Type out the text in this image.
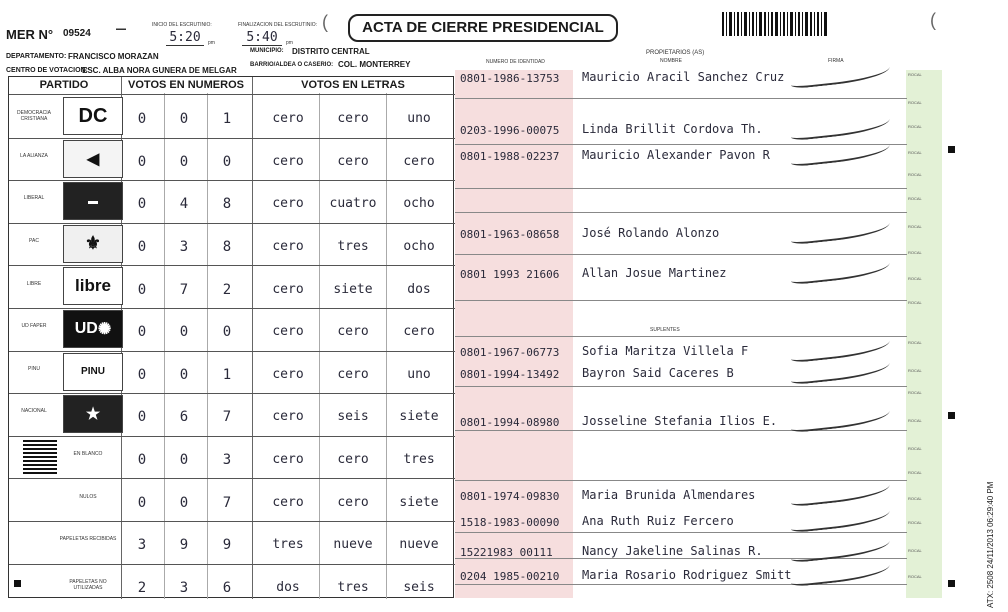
MER N° 09524	▬▬
INICIO DEL ESCRUTINIO:
5:20	pm
FINALIZACION DEL ESCRUTINIO:
5:40	pm
(	ACTA DE CIERRE PRESIDENCIAL	(
DEPARTAMENTO: FRANCISCO MORAZAN
MUNICIPIO: DISTRITO CENTRAL
CENTRO DE VOTACION:
ESC. ALBA NORA GUNERA DE MELGAR
BARRIO/ALDEA O CASERIO: COL. MONTERREY	NUMERO DE IDENTIDAD
PROPIETARIOS (AS)
NOMBRE	FIRMA
SUPLENTES
0801-1986-13753 Mauricio Aracil Sanchez Cruz
0203-1996-00075 Linda Brillit Cordova Th.
0801-1988-02237 Mauricio Alexander Pavon R
0801-1963-08658 José Rolando Alonzo
0801 1993 21606 Allan Josue Martinez
0801-1967-06773 Sofia Maritza Villela F
0801-1994-13492 Bayron Said Caceres B
0801-1994-08980 Josseline Stefania Ilios E.
0801-1974-09830 Maria Brunida Almendares
1518-1983-00090 Ana Ruth Ruiz Fercero
15221983 00111 Nancy Jakeline Salinas R.
0204 1985-00210 Maria Rosario Rodriguez Smitt
ROCAL
ROCAL
ROCAL
ROCAL
ROCAL
ROCAL
ROCAL
ROCAL
ROCAL
ROCAL
ROCAL
ROCAL
ROCAL
ROCAL
ROCAL
ROCAL
ROCAL
ROCAL
ROCAL
ROCAL
PARTIDO	VOTOS EN NUMEROS	VOTOS EN LETRAS
DEMOCRACIA CRISTIANA	DC	0	0	1	cero	cero	uno
LA ALIANZA	◀	0	0	0	cero	cero	cero
LIBERAL	▬	0	4	8	cero	cuatro	ocho
PAC	⚜	0	3	8	cero	tres	ocho
LIBRE	libre	0	7	2	cero	siete	dos
UD FAPER	UD ✺	0	0	0	cero	cero	cero
PINU	PINU	0	0	1	cero	cero	uno
NACIONAL	★	0	6	7	cero	seis	siete
EN BLANCO	0	0	3	cero	cero	tres
NULOS	0	0	7	cero	cero	siete
PAPELETAS RECIBIDAS	3	9	9	tres	nueve	nueve
PAPELETAS NO UTILIZADAS	2	3	6	dos	tres	seis	ATX: 2508 24/11/2013 06:29:40 PM
